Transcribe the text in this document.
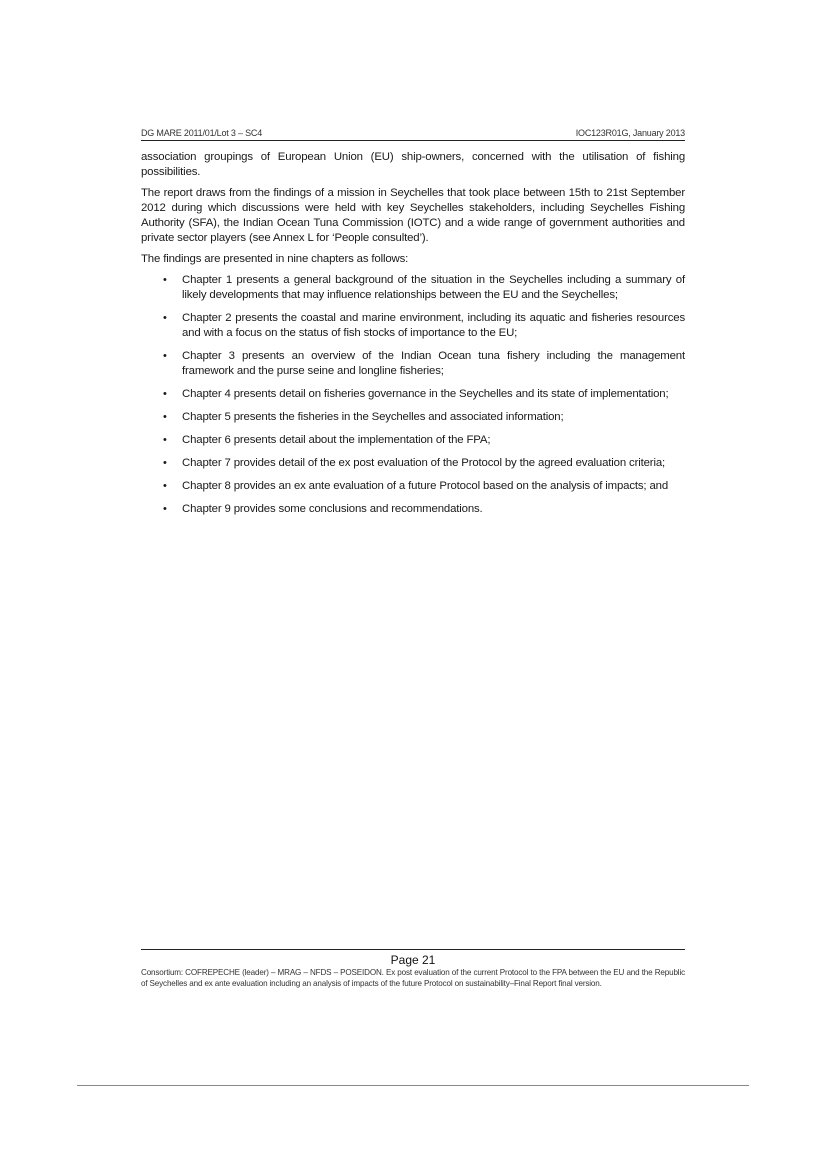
DG MARE 2011/01/Lot 3 – SC4	IOC123R01G, January 2013

association groupings of European Union (EU) ship-owners, concerned with the utilisation of fishing possibilities.

The report draws from the findings of a mission in Seychelles that took place between 15th to 21st September 2012 during which discussions were held with key Seychelles stakeholders, including Seychelles Fishing Authority (SFA), the Indian Ocean Tuna Commission (IOTC) and a wide range of government authorities and private sector players (see Annex L for ‘People consulted’).

The findings are presented in nine chapters as follows:

• Chapter 1 presents a general background of the situation in the Seychelles including a summary of likely developments that may influence relationships between the EU and the Seychelles;
• Chapter 2 presents the coastal and marine environment, including its aquatic and fisheries resources and with a focus on the status of fish stocks of importance to the EU;
• Chapter 3 presents an overview of the Indian Ocean tuna fishery including the management framework and the purse seine and longline fisheries;
• Chapter 4 presents detail on fisheries governance in the Seychelles and its state of implementation;
• Chapter 5 presents the fisheries in the Seychelles and associated information;
• Chapter 6 presents detail about the implementation of the FPA;
• Chapter 7 provides detail of the ex post evaluation of the Protocol by the agreed evaluation criteria;
• Chapter 8 provides an ex ante evaluation of a future Protocol based on the analysis of impacts; and
• Chapter 9 provides some conclusions and recommendations.
Page 21
Consortium: COFREPECHE (leader) – MRAG – NFDS – POSEIDON. Ex post evaluation of the current Protocol to the FPA between the EU and the Republic of Seychelles and ex ante evaluation including an analysis of impacts of the future Protocol on sustainability–Final Report final version.
